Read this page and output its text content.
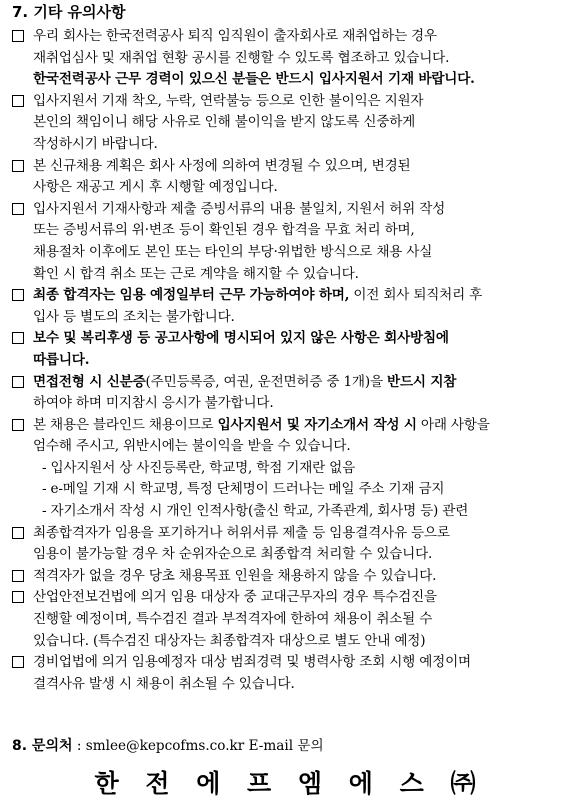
7. 기타 유의사항
우리 회사는 한국전력공사 퇴직 임직원이 출자회사로 재취업하는 경우
재취업심사 및 재취업 현황 공시를 진행할 수 있도록 협조하고 있습니다.
한국전력공사 근무 경력이 있으신 분들은 반드시 입사지원서 기재 바랍니다.
입사지원서 기재 착오, 누락, 연락불능 등으로 인한 불이익은 지원자
본인의 책임이니 해당 사유로 인해 불이익을 받지 않도록 신중하게
작성하시기 바랍니다.
본 신규채용 계획은 회사 사정에 의하여 변경될 수 있으며, 변경된
사항은 재공고 게시 후 시행할 예정입니다.
입사지원서 기재사항과 제출 증빙서류의 내용 불일치, 지원서 허위 작성
또는 증빙서류의 위·변조 등이 확인된 경우 합격을 무효 처리 하며,
채용절차 이후에도 본인 또는 타인의 부당·위법한 방식으로 채용 사실
확인 시 합격 취소 또는 근로 계약을 해지할 수 있습니다.
최종 합격자는 임용 예정일부터 근무 가능하여야 하며, 이전 회사 퇴직처리 후
입사 등 별도의 조치는 불가합니다.
보수 및 복리후생 등 공고사항에 명시되어 있지 않은 사항은 회사방침에
따릅니다.
면접전형 시 신분증(주민등록증, 여권, 운전면허증 중 1개)을 반드시 지참
하여야 하며 미지참시 응시가 불가합니다.
본 채용은 블라인드 채용이므로 입사지원서 및 자기소개서 작성 시 아래 사항을
엄수해 주시고, 위반시에는 불이익을 받을 수 있습니다.
- 입사지원서 상 사진등록란, 학교명, 학점 기재란 없음
- e-메일 기재 시 학교명, 특정 단체명이 드러나는 메일 주소 기재 금지
- 자기소개서 작성 시 개인 인적사항(출신 학교, 가족관계, 회사명 등) 관련
최종합격자가 임용을 포기하거나 허위서류 제출 등 임용결격사유 등으로
임용이 불가능할 경우 차 순위자순으로 최종합격 처리할 수 있습니다.
적격자가 없을 경우 당초 채용목표 인원을 채용하지 않을 수 있습니다.
산업안전보건법에 의거 임용 대상자 중 교대근무자의 경우 특수검진을
진행할 예정이며, 특수검진 결과 부적격자에 한하여 채용이 취소될 수
있습니다. (특수검진 대상자는 최종합격자 대상으로 별도 안내 예정)
경비업법에 의거 임용예정자 대상 범죄경력 및 병력사항 조회 시행 예정이며
결격사유 발생 시 채용이 취소될 수 있습니다.
8. 문의처 : smlee@kepcofms.co.kr E-mail 문의
한 전 에 프 엠 에 스 ㈜
